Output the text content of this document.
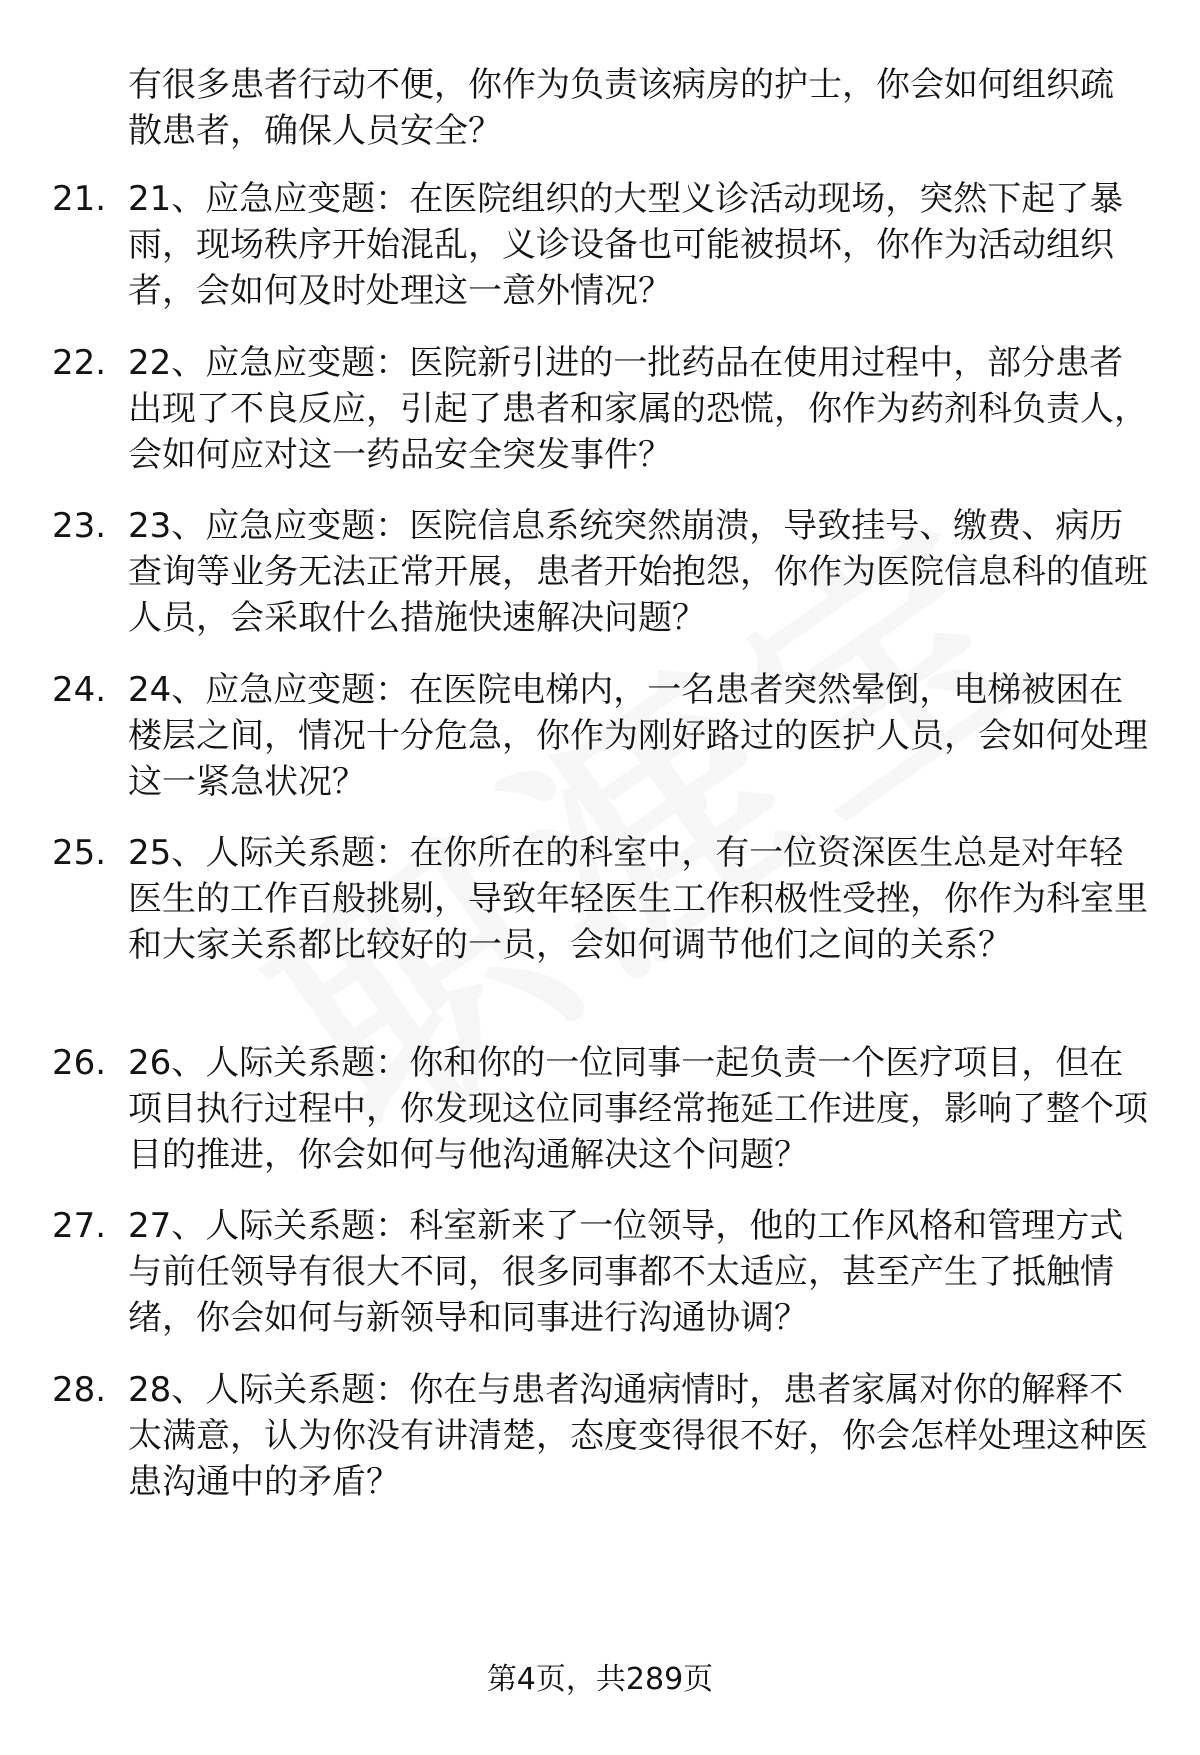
有很多患者行动不便，你作为负责该病房的护士，你会如何组织疏散患者，确保人员安全？
21. 21、应急应变题：在医院组织的大型义诊活动现场，突然下起了暴雨，现场秩序开始混乱，义诊设备也可能被损坏，你作为活动组织者，会如何及时处理这一意外情况？
22. 22、应急应变题：医院新引进的一批药品在使用过程中，部分患者出现了不良反应，引起了患者和家属的恐慌，你作为药剂科负责人，会如何应对这一药品安全突发事件？
23. 23、应急应变题：医院信息系统突然崩溃，导致挂号、缴费、病历查询等业务无法正常开展，患者开始抱怨，你作为医院信息科的值班人员，会采取什么措施快速解决问题？
24. 24、应急应变题：在医院电梯内，一名患者突然晕倒，电梯被困在楼层之间，情况十分危急，你作为刚好路过的医护人员，会如何处理这一紧急状况？
25. 25、人际关系题：在你所在的科室中，有一位资深医生总是对年轻医生的工作百般挑剔，导致年轻医生工作积极性受挫，你作为科室里和大家关系都比较好的一员，会如何调节他们之间的关系？
26. 26、人际关系题：你和你的一位同事一起负责一个医疗项目，但在项目执行过程中，你发现这位同事经常拖延工作进度，影响了整个项目的推进，你会如何与他沟通解决这个问题？
27. 27、人际关系题：科室新来了一位领导，他的工作风格和管理方式与前任领导有很大不同，很多同事都不太适应，甚至产生了抵触情绪，你会如何与新领导和同事进行沟通协调？
28. 28、人际关系题：你在与患者沟通病情时，患者家属对你的解释不太满意，认为你没有讲清楚，态度变得很不好，你会怎样处理这种医患沟通中的矛盾？
第4页，共289页
